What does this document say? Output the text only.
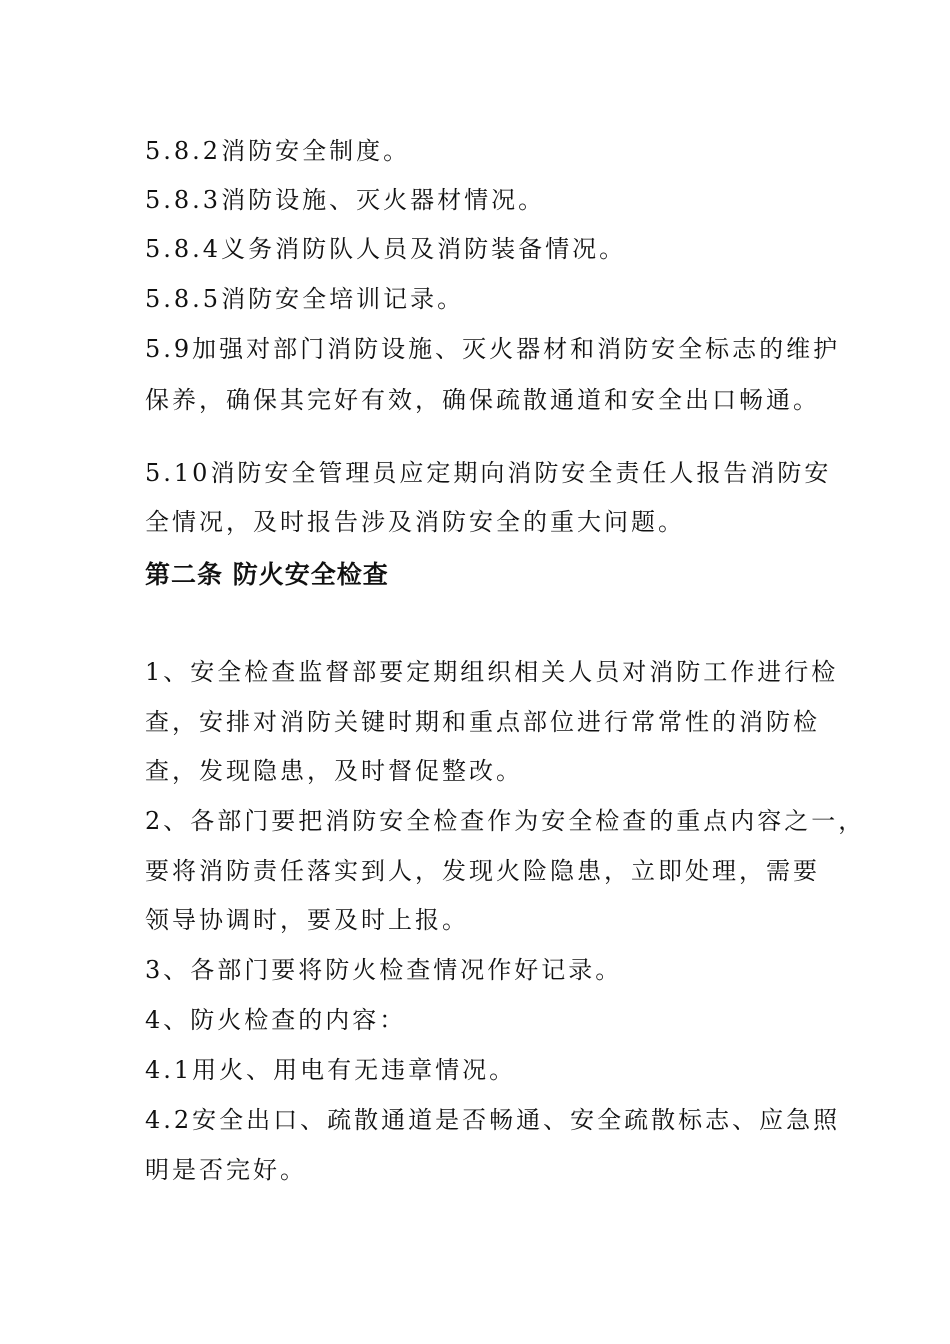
5.8.2消防安全制度。

5.8.3消防设施、灭火器材情况。

5.8.4义务消防队人员及消防装备情况。

5.8.5消防安全培训记录。

5.9加强对部门消防设施、灭火器材和消防安全标志的维护

保养，确保其完好有效，确保疏散通道和安全出口畅通。

5.10消防安全管理员应定期向消防安全责任人报告消防安

全情况，及时报告涉及消防安全的重大问题。

第二条 防火安全检查

1、安全检查监督部要定期组织相关人员对消防工作进行检

查，安排对消防关键时期和重点部位进行常常性的消防检

查，发现隐患，及时督促整改。

2、各部门要把消防安全检查作为安全检查的重点内容之一，

要将消防责任落实到人，发现火险隐患，立即处理，需要

领导协调时，要及时上报。

3、各部门要将防火检查情况作好记录。

4、防火检查的内容：

4.1用火、用电有无违章情况。

4.2安全出口、疏散通道是否畅通、安全疏散标志、应急照

明是否完好。
